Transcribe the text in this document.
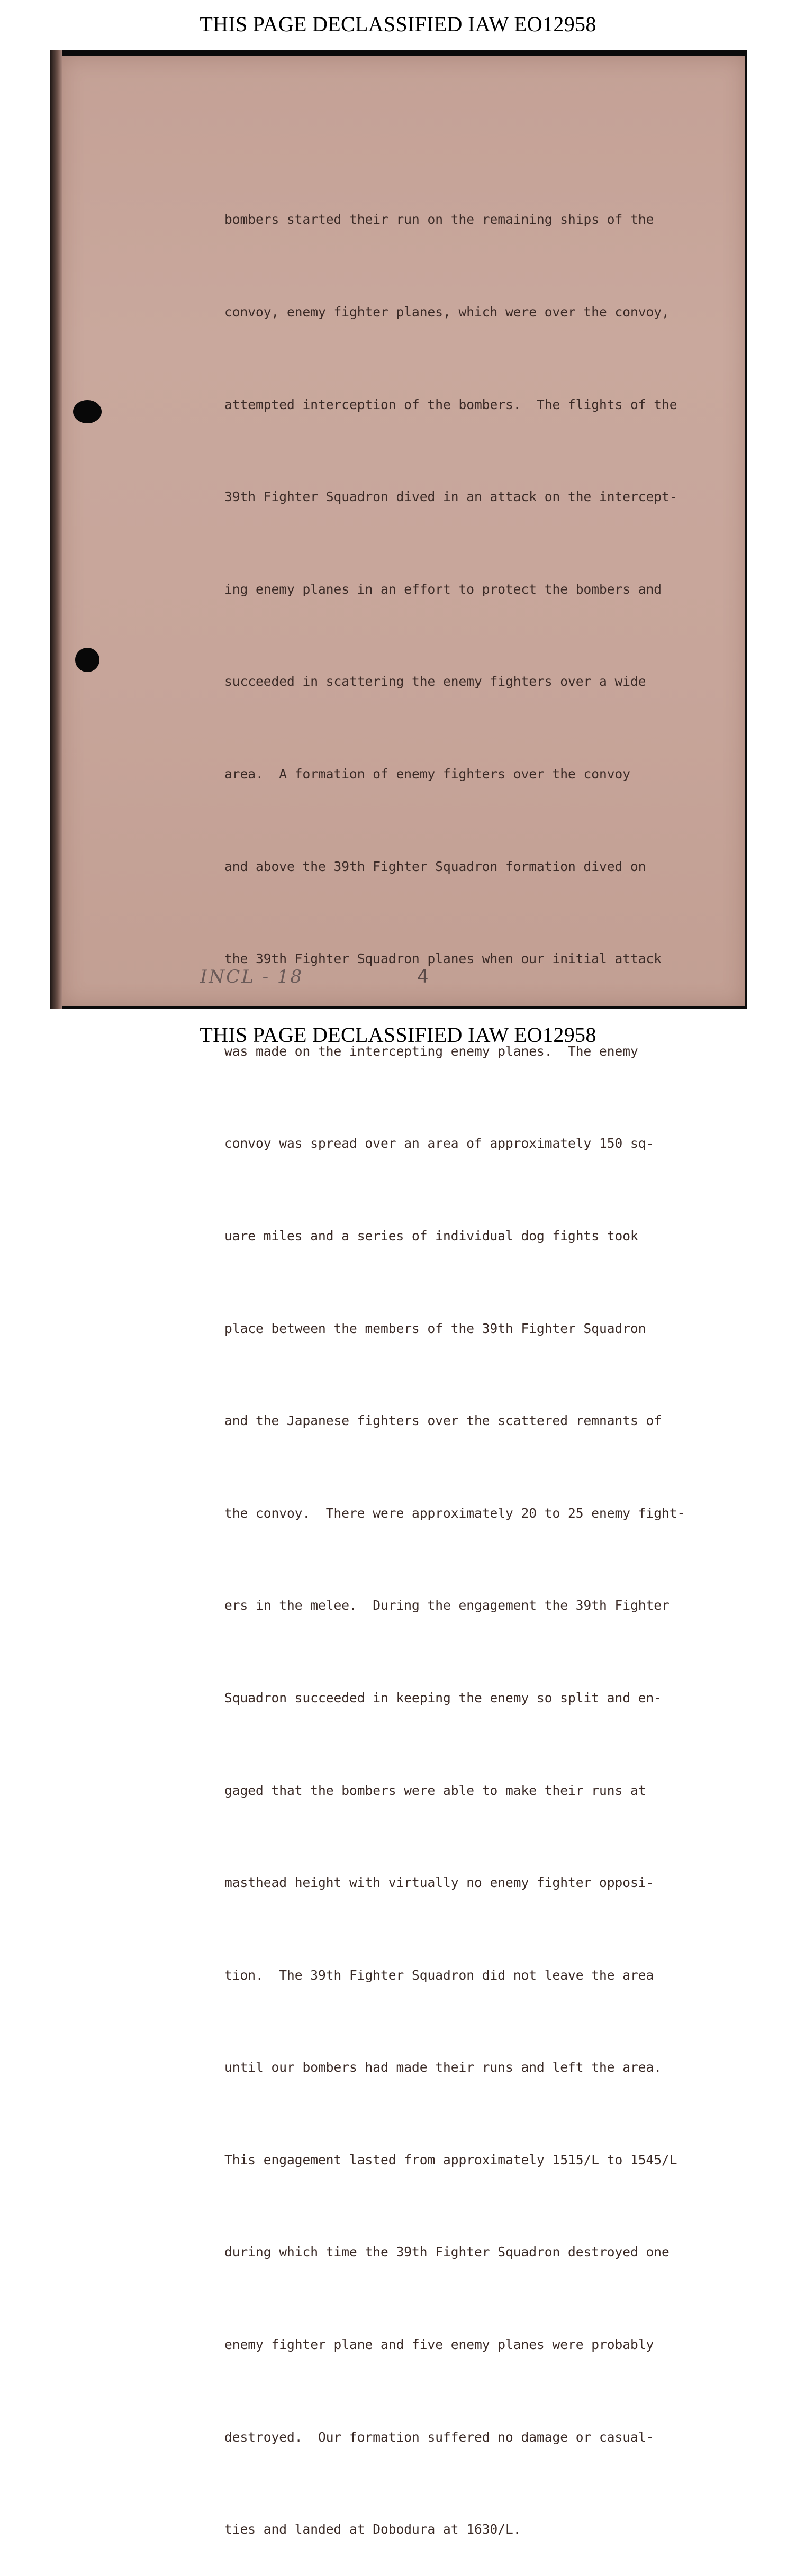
THIS PAGE DECLASSIFIED IAW EO12958

bombers started their run on the remaining ships of the

convoy, enemy fighter planes, which were over the convoy,

attempted interception of the bombers.  The flights of the

39th Fighter Squadron dived in an attack on the intercept-

ing enemy planes in an effort to protect the bombers and

succeeded in scattering the enemy fighters over a wide

area.  A formation of enemy fighters over the convoy

and above the 39th Fighter Squadron formation dived on

the 39th Fighter Squadron planes when our initial attack

was made on the intercepting enemy planes.  The enemy

convoy was spread over an area of approximately 150 sq-

uare miles and a series of individual dog fights took

place between the members of the 39th Fighter Squadron

and the Japanese fighters over the scattered remnants of

the convoy.  There were approximately 20 to 25 enemy fight-

ers in the melee.  During the engagement the 39th Fighter

Squadron succeeded in keeping the enemy so split and en-

gaged that the bombers were able to make their runs at

masthead height with virtually no enemy fighter opposi-

tion.  The 39th Fighter Squadron did not leave the area

until our bombers had made their runs and left the area.

This engagement lasted from approximately 1515/L to 1545/L

during which time the 39th Fighter Squadron destroyed one

enemy fighter plane and five enemy planes were probably

destroyed.  Our formation suffered no damage or casual-

ties and landed at Dobodura at 1630/L.

INCL - 18	4
THIS PAGE DECLASSIFIED IAW EO12958
